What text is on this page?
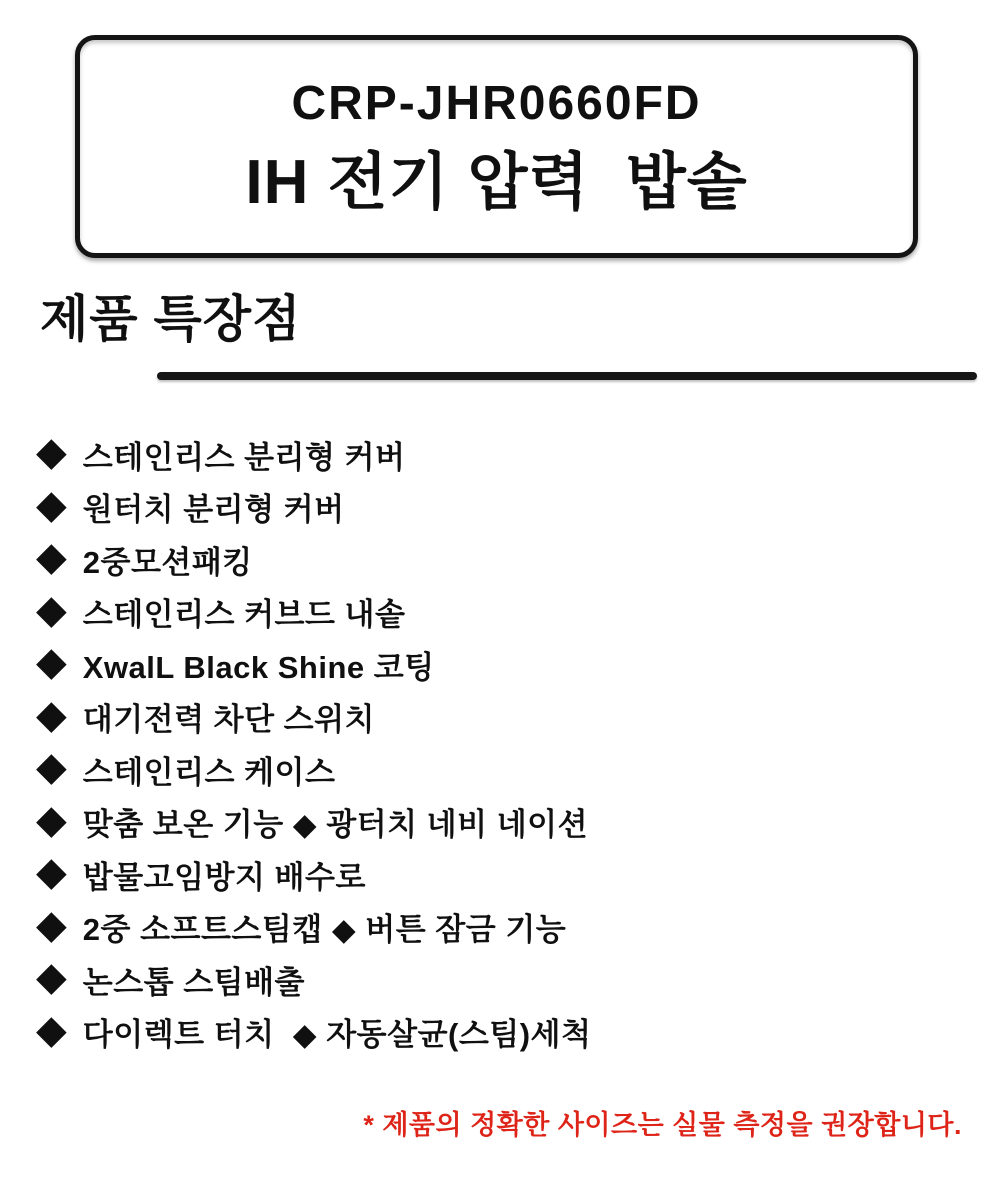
CRP-JHR0660FD
IH 전기 압력  밥솥
제품 특장점
◆ 스테인리스 분리형 커버
◆ 원터치 분리형 커버
◆ 2중모션패킹
◆ 스테인리스 커브드 내솥
◆ XwalL Black Shine 코팅
◆ 대기전력 차단 스위치
◆ 스테인리스 케이스
◆ 맞춤 보온 기능 ◆ 광터치 네비 네이션
◆ 밥물고임방지 배수로
◆ 2중 소프트스팀캡 ◆ 버튼 잠금 기능
◆ 논스톱 스팀배출
◆ 다이렉트 터치  ◆ 자동살균(스팀)세척
* 제품의 정확한 사이즈는 실물 측정을 권장합니다.
